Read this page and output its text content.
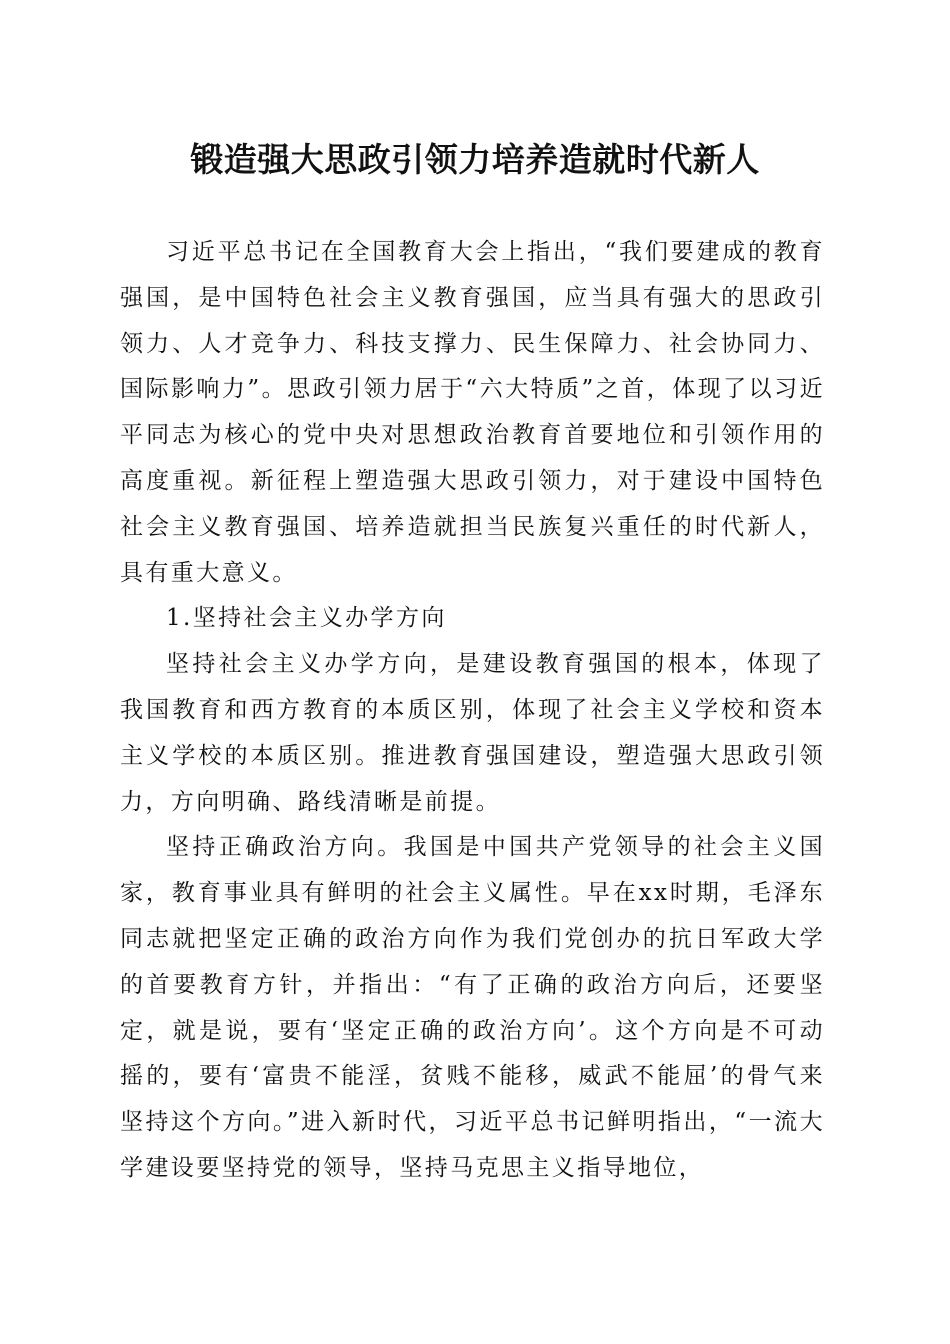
锻造强大思政引领力培养造就时代新人

习近平总书记在全国教育大会上指出，“我们要建成的教育强国，是中国特色社会主义教育强国，应当具有强大的思政引领力、人才竞争力、科技支撑力、民生保障力、社会协同力、国际影响力”。思政引领力居于“六大特质”之首，体现了以习近平同志为核心的党中央对思想政治教育首要地位和引领作用的高度重视。新征程上塑造强大思政引领力，对于建设中国特色社会主义教育强国、培养造就担当民族复兴重任的时代新人，具有重大意义。

1.坚持社会主义办学方向

坚持社会主义办学方向，是建设教育强国的根本，体现了我国教育和西方教育的本质区别，体现了社会主义学校和资本主义学校的本质区别。推进教育强国建设，塑造强大思政引领力，方向明确、路线清晰是前提。

坚持正确政治方向。我国是中国共产党领导的社会主义国家，教育事业具有鲜明的社会主义属性。早在xx时期，毛泽东同志就把坚定正确的政治方向作为我们党创办的抗日军政大学的首要教育方针，并指出：“有了正确的政治方向后，还要坚定，就是说，要有‘坚定正确的政治方向’。这个方向是不可动摇的，要有‘富贵不能淫，贫贱不能移，威武不能屈’的骨气来坚持这个方向。”进入新时代，习近平总书记鲜明指出，“一流大学建设要坚持党的领导，坚持马克思主义指导地位，
